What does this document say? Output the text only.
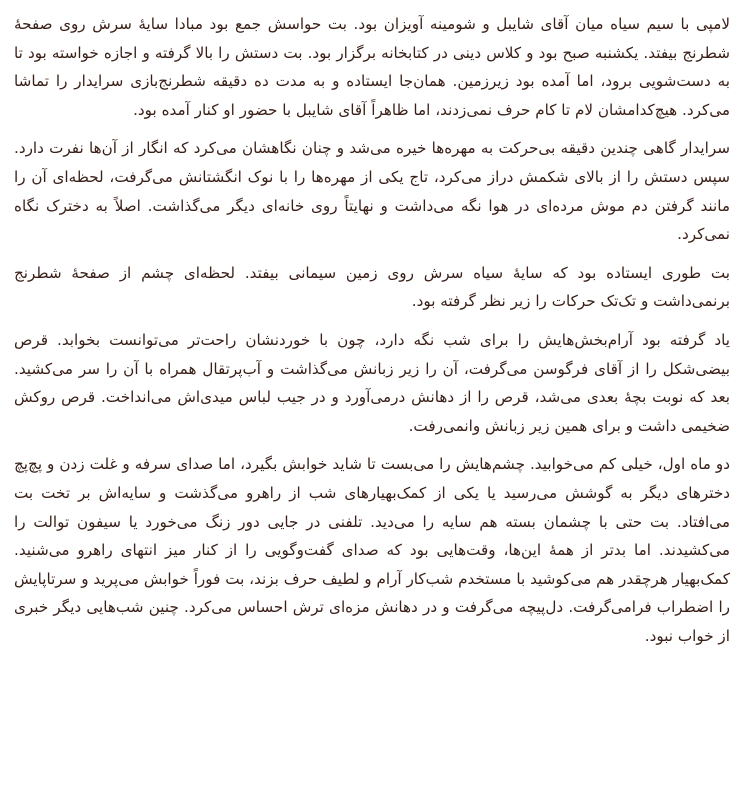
لامپی با سیم سیاه میان آقای شایبل و شومینه آویزان بود. بت حواسش جمع بود مبادا سایهٔ سرش روی صفحهٔ شطرنج بیفتد. یکشنبه صبح بود و کلاس دینی در کتابخانه برگزار بود. بت دستش را بالا گرفته و اجازه خواسته بود تا به دست‌شویی برود، اما آمده بود زیرزمین. همان‌جا ایستاده و به مدت ده دقیقه شطرنج‌بازی سرایدار را تماشا می‌کرد. هیچ‌کدامشان لام تا کام حرف نمی‌زدند، اما ظاهراً آقای شایبل با حضور او کنار آمده بود.

سرایدار گاهی چندین دقیقه بی‌حرکت به مهره‌ها خیره می‌شد و چنان نگاهشان می‌کرد که انگار از آن‌ها نفرت دارد. سپس دستش را از بالای شکمش دراز می‌کرد، تاج یکی از مهره‌ها را با نوک انگشتانش می‌گرفت، لحظه‌ای آن را مانند گرفتن دم موش مرده‌ای در هوا نگه می‌داشت و نهایتاً روی خانه‌ای دیگر می‌گذاشت. اصلاً به دخترک نگاه نمی‌کرد.

بت طوری ایستاده بود که سایهٔ سیاه سرش روی زمین سیمانی بیفتد. لحظه‌ای چشم از صفحهٔ شطرنج برنمی‌داشت و تک‌تک حرکات را زیر نظر گرفته بود.

یاد گرفته بود آرام‌بخش‌هایش را برای شب نگه دارد، چون با خوردنشان راحت‌تر می‌توانست بخوابد. قرص بیضی‌شکل را از آقای فرگوسن می‌گرفت، آن را زیر زبانش می‌گذاشت و آب‌پرتقال همراه با آن را سر می‌کشید. بعد که نوبت بچهٔ بعدی می‌شد، قرص را از دهانش درمی‌آورد و در جیب لباس میدی‌اش می‌انداخت. قرص روکش ضخیمی داشت و برای همین زیر زبانش وانمی‌رفت.

دو ماه اول، خیلی کم می‌خوابید. چشم‌هایش را می‌بست تا شاید خوابش بگیرد، اما صدای سرفه و غلت زدن و پچ‌پچ دخترهای دیگر به گوشش می‌رسید یا یکی از کمک‌بهیارهای شب از راهرو می‌گذشت و سایه‌اش بر تخت بت می‌افتاد. بت حتی با چشمان بسته هم سایه را می‌دید. تلفنی در جایی دور زنگ می‌خورد یا سیفون توالت را می‌کشیدند. اما بدتر از همهٔ این‌ها، وقت‌هایی بود که صدای گفت‌وگویی را از کنار میز انتهای راهرو می‌شنید. کمک‌بهیار هرچقدر هم می‌کوشید با مستخدم شب‌کار آرام و لطیف حرف بزند، بت فوراً خوابش می‌پرید و سرتاپایش را اضطراب فرامی‌گرفت. دل‌پیچه می‌گرفت و در دهانش مزه‌ای ترش احساس می‌کرد. چنین شب‌هایی دیگر خبری از خواب نبود.
